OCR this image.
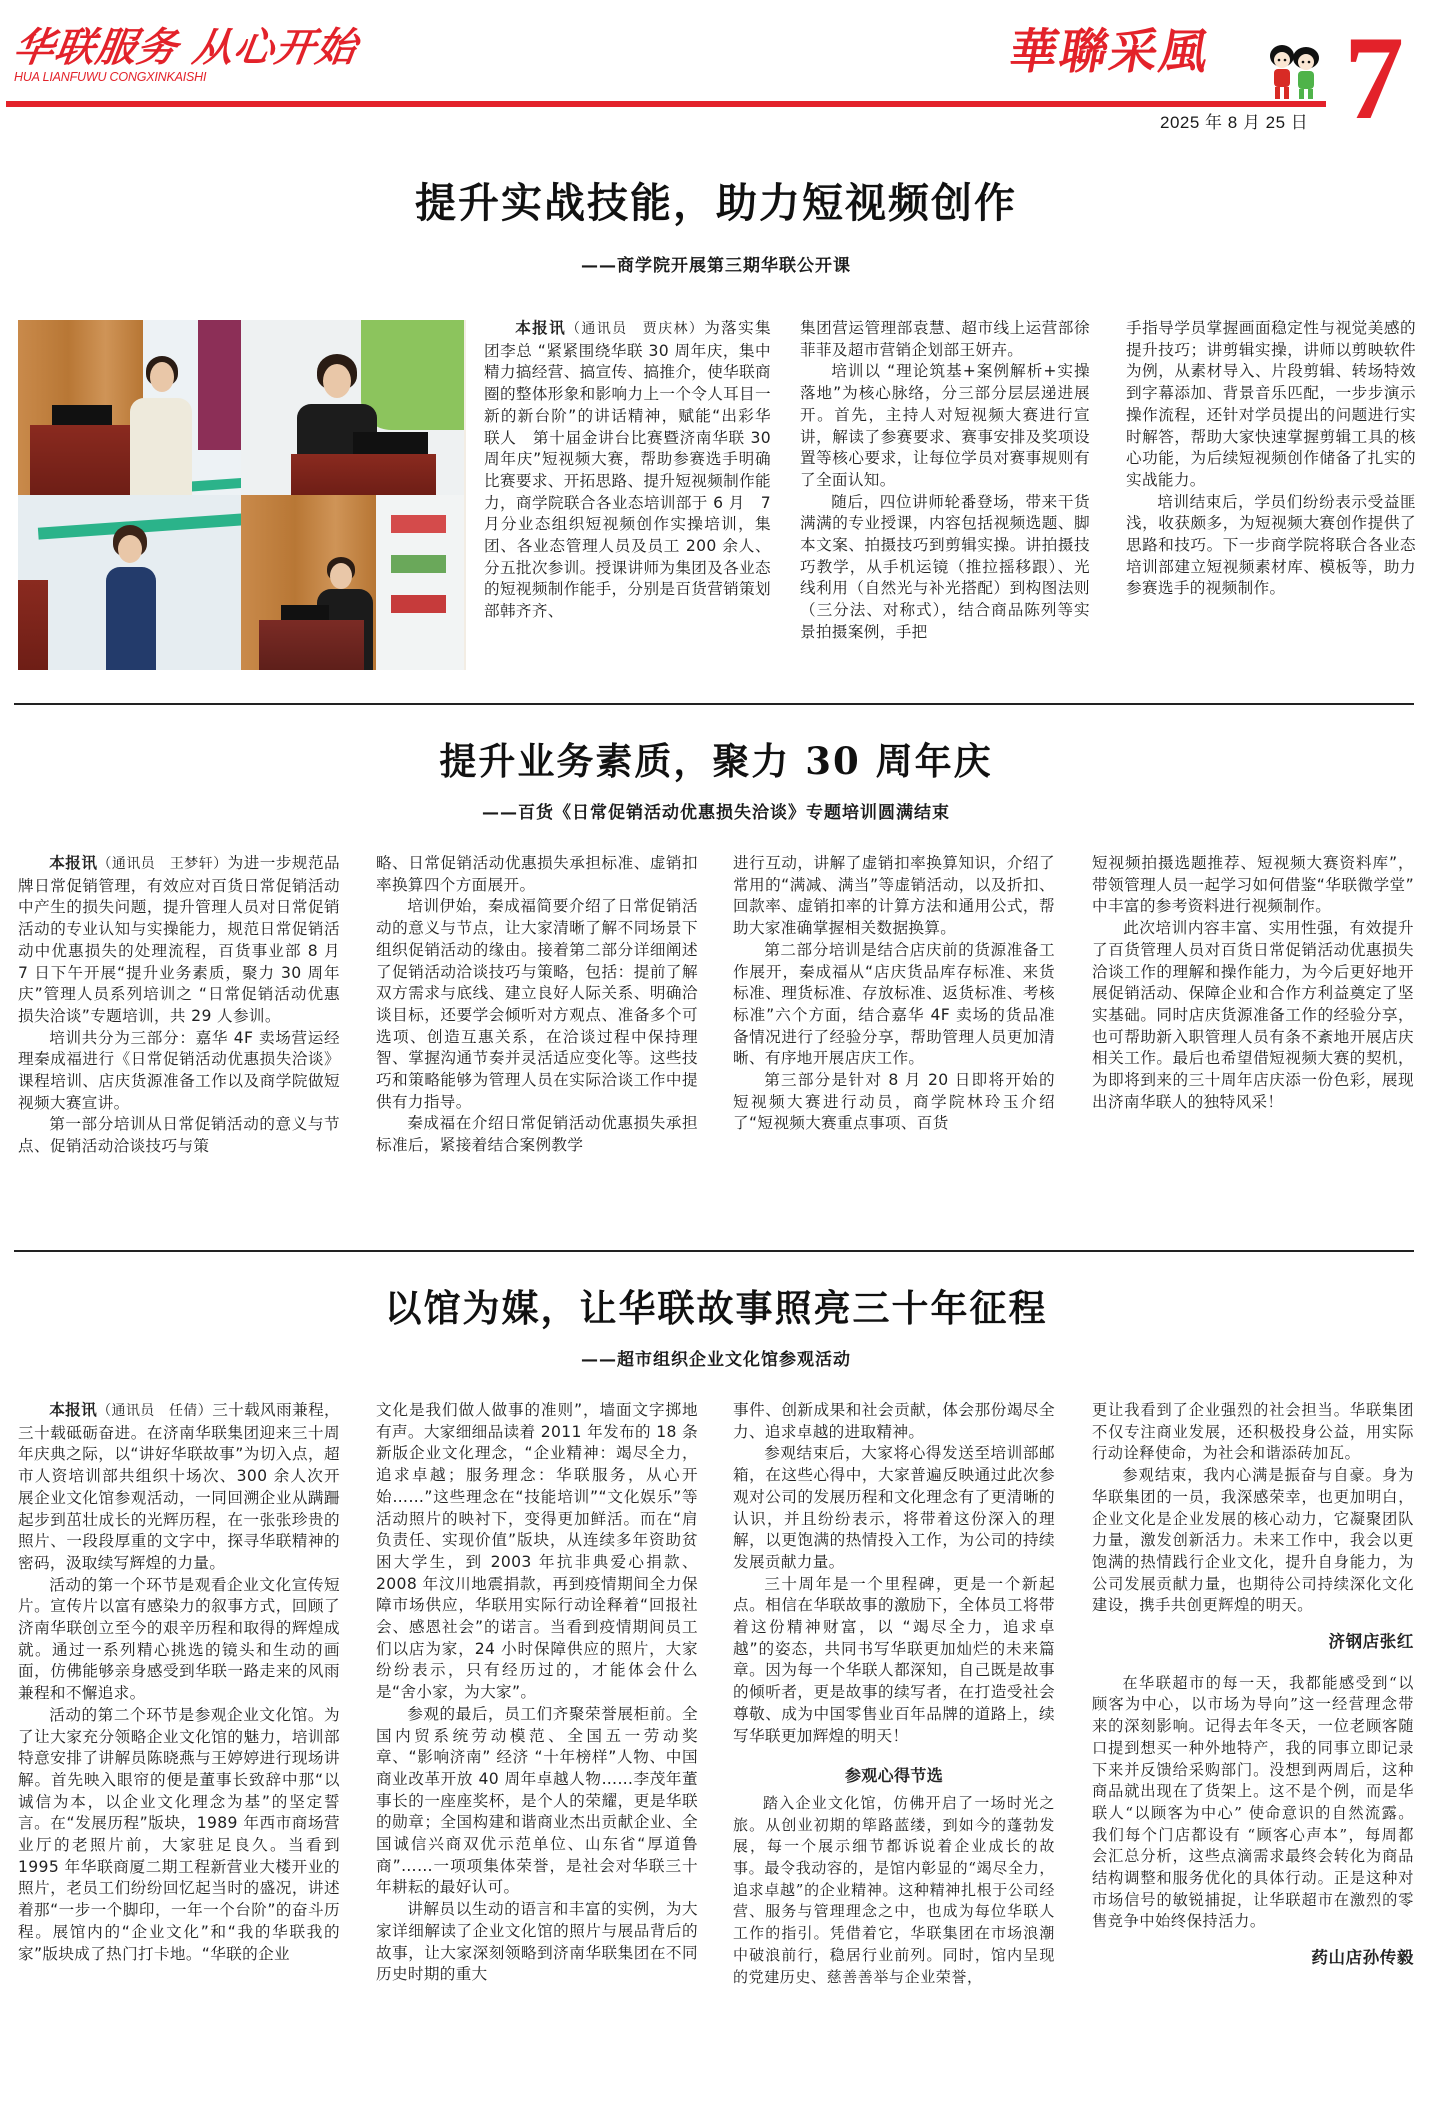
华联服务 从心开始
HUA LIANFUWU CONGXINKAISHI	華聯采風
2025 年 8 月 25 日 7
提升实战技能，助力短视频创作
——商学院开展第三期华联公开课

本报讯（通讯员　贾庆林）为落实集团李总 “紧紧围绕华联 30 周年庆，集中精力搞经营、搞宣传、搞推介，使华联商圈的整体形象和影响力上一个令人耳目一新的新台阶”的讲话精神，赋能“出彩华联人　第十届金讲台比赛暨济南华联 30 周年庆”短视频大赛，帮助参赛选手明确比赛要求、开拓思路、提升短视频制作能力，商学院联合各业态培训部于 6 月　7 月分业态组织短视频创作实操培训，集团、各业态管理人员及员工 200 余人、分五批次参训。授课讲师为集团及各业态的短视频制作能手，分别是百货营销策划部韩齐齐、

集团营运管理部袁慧、超市线上运营部徐菲菲及超市营销企划部王妍卉。

培训以 “理论筑基+案例解析+实操落地”为核心脉络，分三部分层层递进展开。首先，主持人对短视频大赛进行宣讲，解读了参赛要求、赛事安排及奖项设置等核心要求，让每位学员对赛事规则有了全面认知。

随后，四位讲师轮番登场，带来干货满满的专业授课，内容包括视频选题、脚本文案、拍摄技巧到剪辑实操。讲拍摄技巧教学，从手机运镜（推拉摇移跟）、光线利用（自然光与补光搭配）到构图法则（三分法、对称式），结合商品陈列等实景拍摄案例，手把

手指导学员掌握画面稳定性与视觉美感的提升技巧；讲剪辑实操，讲师以剪映软件为例，从素材导入、片段剪辑、转场特效到字幕添加、背景音乐匹配，一步步演示操作流程，还针对学员提出的问题进行实时解答，帮助大家快速掌握剪辑工具的核心功能，为后续短视频创作储备了扎实的实战能力。

培训结束后，学员们纷纷表示受益匪浅，收获颇多，为短视频大赛创作提供了思路和技巧。下一步商学院将联合各业态培训部建立短视频素材库、模板等，助力参赛选手的视频制作。

提升业务素质，聚力 30 周年庆
——百货《日常促销活动优惠损失洽谈》专题培训圆满结束

本报讯（通讯员　王梦轩）为进一步规范品牌日常促销管理，有效应对百货日常促销活动中产生的损失问题，提升管理人员对日常促销活动的专业认知与实操能力，规范日常促销活动中优惠损失的处理流程，百货事业部 8 月 7 日下午开展“提升业务素质，聚力 30 周年庆”管理人员系列培训之 “日常促销活动优惠损失洽谈”专题培训，共 29 人参训。

培训共分为三部分：嘉华 4F 卖场营运经理秦成福进行《日常促销活动优惠损失洽谈》课程培训、店庆货源准备工作以及商学院做短视频大赛宣讲。

第一部分培训从日常促销活动的意义与节点、促销活动洽谈技巧与策

略、日常促销活动优惠损失承担标准、虚销扣率换算四个方面展开。

培训伊始，秦成福简要介绍了日常促销活动的意义与节点，让大家清晰了解不同场景下组织促销活动的缘由。接着第二部分详细阐述了促销活动洽谈技巧与策略，包括：提前了解双方需求与底线、建立良好人际关系、明确洽谈目标，还要学会倾听对方观点、准备多个可选项、创造互惠关系，在洽谈过程中保持理智、掌握沟通节奏并灵活适应变化等。这些技巧和策略能够为管理人员在实际洽谈工作中提供有力指导。

秦成福在介绍日常促销活动优惠损失承担标准后，紧接着结合案例教学

进行互动，讲解了虚销扣率换算知识，介绍了常用的“满减、满当”等虚销活动，以及折扣、回款率、虚销扣率的计算方法和通用公式，帮助大家准确掌握相关数据换算。

第二部分培训是结合店庆前的货源准备工作展开，秦成福从“店庆货品库存标准、来货标准、理货标准、存放标准、返货标准、考核标准”六个方面，结合嘉华 4F 卖场的货品准备情况进行了经验分享，帮助管理人员更加清晰、有序地开展店庆工作。

第三部分是针对 8 月 20 日即将开始的短视频大赛进行动员，商学院林玲玉介绍了“短视频大赛重点事项、百货

短视频拍摄选题推荐、短视频大赛资料库”，带领管理人员一起学习如何借鉴“华联微学堂” 中丰富的参考资料进行视频制作。

此次培训内容丰富、实用性强，有效提升了百货管理人员对百货日常促销活动优惠损失洽谈工作的理解和操作能力，为今后更好地开展促销活动、保障企业和合作方利益奠定了坚实基础。同时店庆货源准备工作的经验分享，也可帮助新入职管理人员有条不紊地开展店庆相关工作。最后也希望借短视频大赛的契机，为即将到来的三十周年店庆添一份色彩，展现出济南华联人的独特风采！

以馆为媒，让华联故事照亮三十年征程
——超市组织企业文化馆参观活动

本报讯（通讯员　任倩）三十载风雨兼程，三十载砥砺奋进。在济南华联集团迎来三十周年庆典之际，以“讲好华联故事”为切入点，超市人资培训部共组织十场次、300 余人次开展企业文化馆参观活动，一同回溯企业从蹒跚起步到茁壮成长的光辉历程，在一张张珍贵的照片、一段段厚重的文字中，探寻华联精神的密码，汲取续写辉煌的力量。

活动的第一个环节是观看企业文化宣传短片。宣传片以富有感染力的叙事方式，回顾了济南华联创立至今的艰辛历程和取得的辉煌成就。通过一系列精心挑选的镜头和生动的画面，仿佛能够亲身感受到华联一路走来的风雨兼程和不懈追求。

活动的第二个环节是参观企业文化馆。为了让大家充分领略企业文化馆的魅力，培训部特意安排了讲解员陈晓燕与王婷婷进行现场讲解。首先映入眼帘的便是董事长致辞中那“以诚信为本，以企业文化理念为基”的坚定誓言。在“发展历程”版块，1989 年西市商场营业厅的老照片前，大家驻足良久。当看到 1995 年华联商厦二期工程新营业大楼开业的照片，老员工们纷纷回忆起当时的盛况，讲述着那“一步一个脚印，一年一个台阶”的奋斗历程。展馆内的“企业文化”和“我的华联我的家”版块成了热门打卡地。“华联的企业

文化是我们做人做事的准则”，墙面文字掷地有声。大家细细品读着 2011 年发布的 18 条新版企业文化理念，“企业精神：竭尽全力，追求卓越；服务理念：华联服务，从心开始……”这些理念在“技能培训”“文化娱乐”等活动照片的映衬下，变得更加鲜活。而在“肩负责任、实现价值”版块，从连续多年资助贫困大学生，到 2003 年抗非典爱心捐款、2008 年汶川地震捐款，再到疫情期间全力保障市场供应，华联用实际行动诠释着“回报社会、感恩社会”的诺言。当看到疫情期间员工们以店为家，24 小时保障供应的照片，大家纷纷表示，只有经历过的，才能体会什么是“舍小家，为大家”。

参观的最后，员工们齐聚荣誉展柜前。全国内贸系统劳动模范、全国五一劳动奖章、“影响济南” 经济 “十年榜样”人物、中国商业改革开放 40 周年卓越人物……李茂年董事长的一座座奖杯，是个人的荣耀，更是华联的勋章；全国构建和谐商业杰出贡献企业、全国诚信兴商双优示范单位、山东省“厚道鲁商”……一项项集体荣誉，是社会对华联三十年耕耘的最好认可。

讲解员以生动的语言和丰富的实例，为大家详细解读了企业文化馆的照片与展品背后的故事，让大家深刻领略到济南华联集团在不同历史时期的重大

事件、创新成果和社会贡献，体会那份竭尽全力、追求卓越的进取精神。

参观结束后，大家将心得发送至培训部邮箱，在这些心得中，大家普遍反映通过此次参观对公司的发展历程和文化理念有了更清晰的认识，并且纷纷表示，将带着这份深入的理解，以更饱满的热情投入工作，为公司的持续发展贡献力量。

三十周年是一个里程碑，更是一个新起点。相信在华联故事的激励下，全体员工将带着这份精神财富，以 “竭尽全力，追求卓越”的姿态，共同书写华联更加灿烂的未来篇章。因为每一个华联人都深知，自己既是故事的倾听者，更是故事的续写者，在打造受社会尊敬、成为中国零售业百年品牌的道路上，续写华联更加辉煌的明天！

参观心得节选

踏入企业文化馆，仿佛开启了一场时光之旅。从创业初期的筚路蓝缕，到如今的蓬勃发展，每一个展示细节都诉说着企业成长的故事。最令我动容的，是馆内彰显的“竭尽全力，追求卓越”的企业精神。这种精神扎根于公司经营、服务与管理理念之中，也成为每位华联人工作的指引。凭借着它，华联集团在市场浪潮中破浪前行，稳居行业前列。同时，馆内呈现的党建历史、慈善善举与企业荣誉，

更让我看到了企业强烈的社会担当。华联集团不仅专注商业发展，还积极投身公益，用实际行动诠释使命，为社会和谐添砖加瓦。

参观结束，我内心满是振奋与自豪。身为华联集团的一员，我深感荣幸，也更加明白，企业文化是企业发展的核心动力，它凝聚团队力量，激发创新活力。未来工作中，我会以更饱满的热情践行企业文化，提升自身能力，为公司发展贡献力量，也期待公司持续深化文化建设，携手共创更辉煌的明天。

济钢店张红

在华联超市的每一天，我都能感受到“以顾客为中心，以市场为导向”这一经营理念带来的深刻影响。记得去年冬天，一位老顾客随口提到想买一种外地特产，我的同事立即记录下来并反馈给采购部门。没想到两周后，这种商品就出现在了货架上。这不是个例，而是华联人“以顾客为中心” 使命意识的自然流露。我们每个门店都设有 “顾客心声本”，每周都会汇总分析，这些点滴需求最终会转化为商品结构调整和服务优化的具体行动。正是这种对市场信号的敏锐捕捉，让华联超市在激烈的零售竞争中始终保持活力。

药山店孙传毅
